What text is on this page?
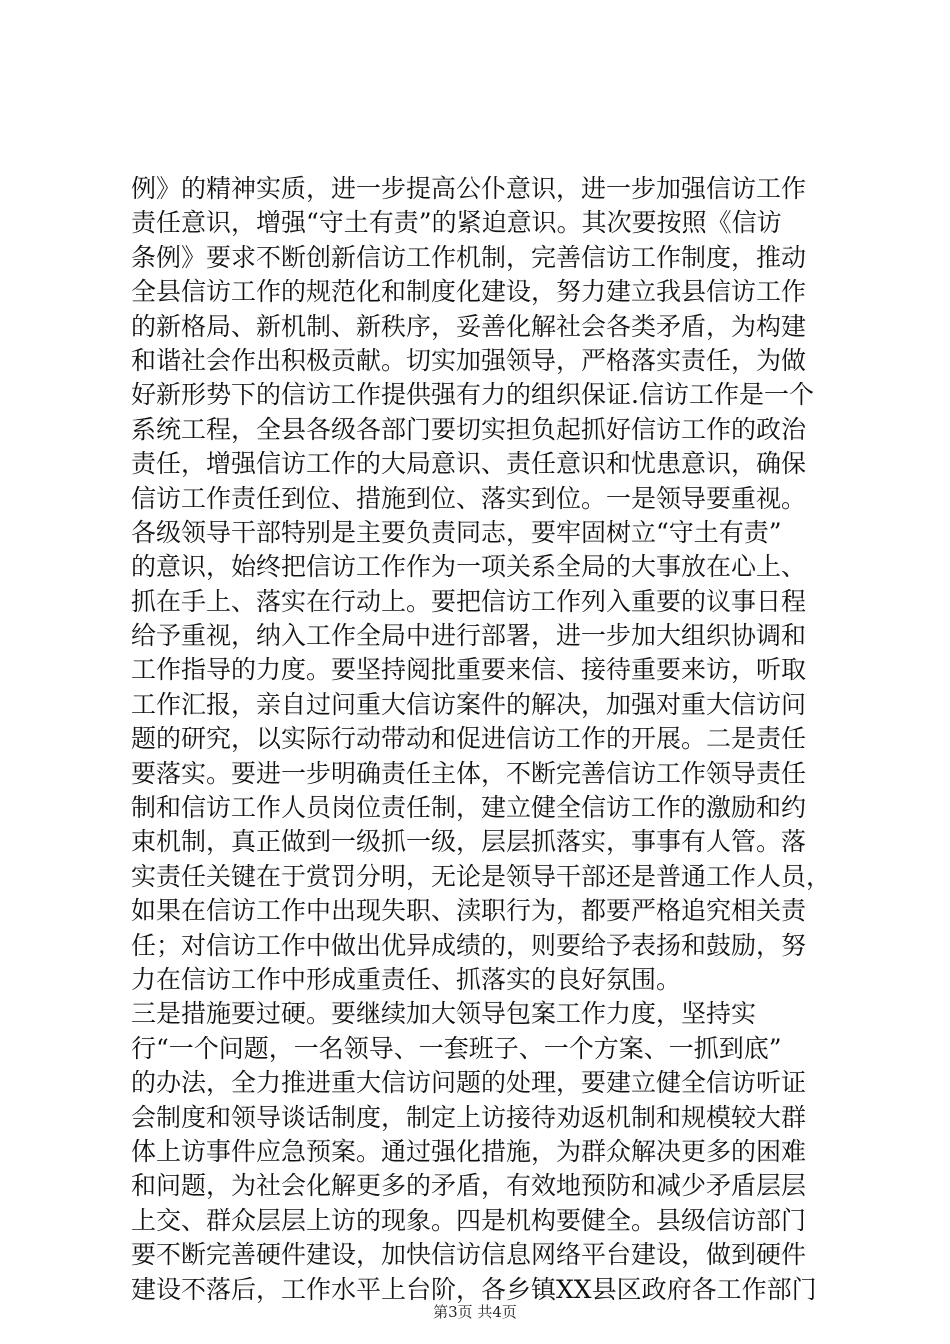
例》的精神实质，进一步提高公仆意识，进一步加强信访工作
责任意识，增强“守土有责”的紧迫意识。其次要按照《信访
条例》要求不断创新信访工作机制，完善信访工作制度，推动
全县信访工作的规范化和制度化建设，努力建立我县信访工作
的新格局、新机制、新秩序，妥善化解社会各类矛盾，为构建
和谐社会作出积极贡献。切实加强领导，严格落实责任，为做
好新形势下的信访工作提供强有力的组织保证.信访工作是一个
系统工程，全县各级各部门要切实担负起抓好信访工作的政治
责任，增强信访工作的大局意识、责任意识和忧患意识，确保
信访工作责任到位、措施到位、落实到位。一是领导要重视。
各级领导干部特别是主要负责同志，要牢固树立“守土有责”
的意识，始终把信访工作作为一项关系全局的大事放在心上、
抓在手上、落实在行动上。要把信访工作列入重要的议事日程
给予重视，纳入工作全局中进行部署，进一步加大组织协调和
工作指导的力度。要坚持阅批重要来信、接待重要来访，听取
工作汇报，亲自过问重大信访案件的解决，加强对重大信访问
题的研究，以实际行动带动和促进信访工作的开展。二是责任
要落实。要进一步明确责任主体，不断完善信访工作领导责任
制和信访工作人员岗位责任制，建立健全信访工作的激励和约
束机制，真正做到一级抓一级，层层抓落实，事事有人管。落
实责任关键在于赏罚分明，无论是领导干部还是普通工作人员，
如果在信访工作中出现失职、渎职行为，都要严格追究相关责
任；对信访工作中做出优异成绩的，则要给予表扬和鼓励，努
力在信访工作中形成重责任、抓落实的良好氛围。
三是措施要过硬。要继续加大领导包案工作力度，坚持实
行“一个问题，一名领导、一套班子、一个方案、一抓到底”
的办法，全力推进重大信访问题的处理，要建立健全信访听证
会制度和领导谈话制度，制定上访接待劝返机制和规模较大群
体上访事件应急预案。通过强化措施，为群众解决更多的困难
和问题，为社会化解更多的矛盾，有效地预防和减少矛盾层层
上交、群众层层上访的现象。四是机构要健全。县级信访部门
要不断完善硬件建设，加快信访信息网络平台建设，做到硬件
建设不落后，工作水平上台阶，各乡镇XX县区政府各工作部门
第3页 共4页
